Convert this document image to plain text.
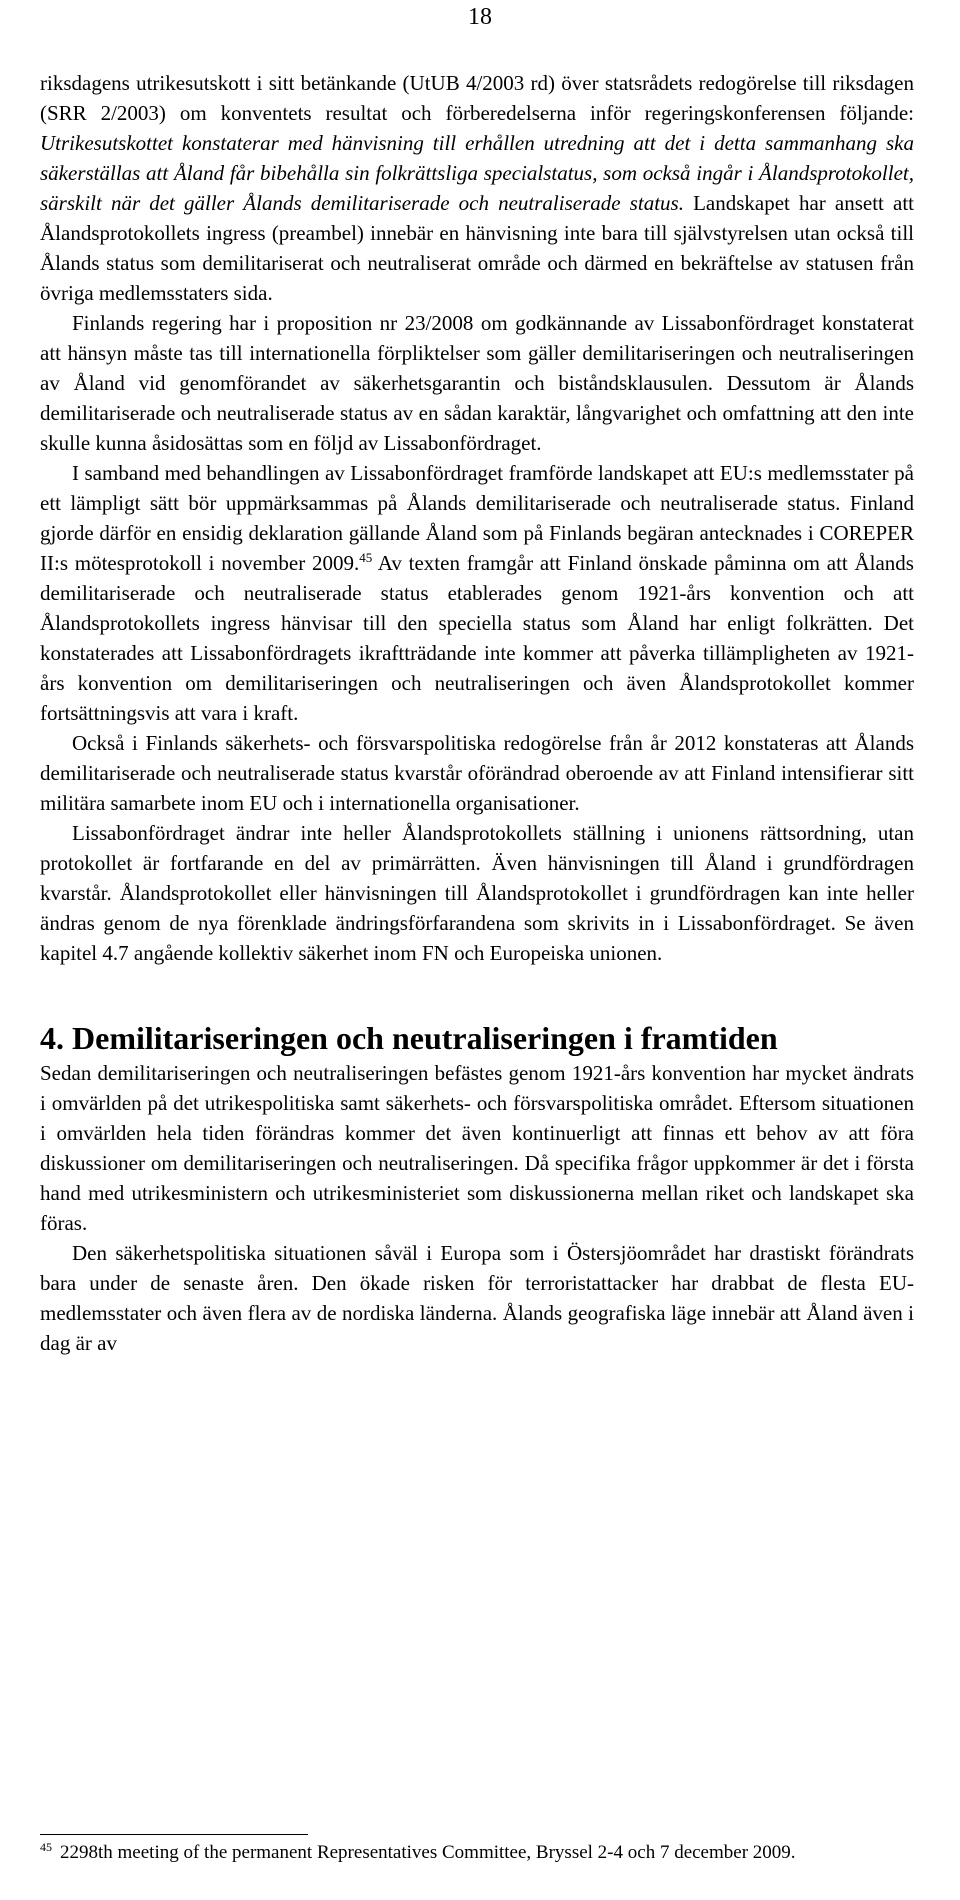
18

riksdagens utrikesutskott i sitt betänkande (UtUB 4/2003 rd) över statsrådets redogörelse till riksdagen (SRR 2/2003) om konventets resultat och förberedelserna inför regeringskonferensen följande: Utrikesutskottet konstaterar med hänvisning till erhållen utredning att det i detta sammanhang ska säkerställas att Åland får bibehålla sin folkrättsliga specialstatus, som också ingår i Ålandsprotokollet, särskilt när det gäller Ålands demilitariserade och neutraliserade status. Landskapet har ansett att Ålandsprotokollets ingress (preambel) innebär en hänvisning inte bara till självstyrelsen utan också till Ålands status som demilitariserat och neutraliserat område och därmed en bekräftelse av statusen från övriga medlemsstaters sida.

Finlands regering har i proposition nr 23/2008 om godkännande av Lissabonfördraget konstaterat att hänsyn måste tas till internationella förpliktelser som gäller demilitariseringen och neutraliseringen av Åland vid genomförandet av säkerhetsgarantin och biståndsklausulen. Dessutom är Ålands demilitariserade och neutraliserade status av en sådan karaktär, långvarighet och omfattning att den inte skulle kunna åsidosättas som en följd av Lissabonfördraget.

I samband med behandlingen av Lissabonfördraget framförde landskapet att EU:s medlemsstater på ett lämpligt sätt bör uppmärksammas på Ålands demilitariserade och neutraliserade status. Finland gjorde därför en ensidig deklaration gällande Åland som på Finlands begäran antecknades i COREPER II:s mötesprotokoll i november 2009.45 Av texten framgår att Finland önskade påminna om att Ålands demilitariserade och neutraliserade status etablerades genom 1921-års konvention och att Ålandsprotokollets ingress hänvisar till den speciella status som Åland har enligt folkrätten. Det konstaterades att Lissabonfördragets ikraftträdande inte kommer att påverka tillämpligheten av 1921-års konvention om demilitariseringen och neutraliseringen och även Ålandsprotokollet kommer fortsättningsvis att vara i kraft.

Också i Finlands säkerhets- och försvarspolitiska redogörelse från år 2012 konstateras att Ålands demilitariserade och neutraliserade status kvarstår oförändrad oberoende av att Finland intensifierar sitt militära samarbete inom EU och i internationella organisationer.

Lissabonfördraget ändrar inte heller Ålandsprotokollets ställning i unionens rättsordning, utan protokollet är fortfarande en del av primärrätten. Även hänvisningen till Åland i grundfördragen kvarstår. Ålandsprotokollet eller hänvisningen till Ålandsprotokollet i grundfördragen kan inte heller ändras genom de nya förenklade ändringsförfarandena som skrivits in i Lissabonfördraget. Se även kapitel 4.7 angående kollektiv säkerhet inom FN och Europeiska unionen.

4. Demilitariseringen och neutraliseringen i framtiden

Sedan demilitariseringen och neutraliseringen befästes genom 1921-års konvention har mycket ändrats i omvärlden på det utrikespolitiska samt säkerhets- och försvarspolitiska området. Eftersom situationen i omvärlden hela tiden förändras kommer det även kontinuerligt att finnas ett behov av att föra diskussioner om demilitariseringen och neutraliseringen. Då specifika frågor uppkommer är det i första hand med utrikesministern och utrikesministeriet som diskussionerna mellan riket och landskapet ska föras.

Den säkerhetspolitiska situationen såväl i Europa som i Östersjöområdet har drastiskt förändrats bara under de senaste åren. Den ökade risken för terroristattacker har drabbat de flesta EU-medlemsstater och även flera av de nordiska länderna. Ålands geografiska läge innebär att Åland även i dag är av

$^{45}$ 2298th meeting of the permanent Representatives Committee, Bryssel 2-4 och 7 december 2009.
